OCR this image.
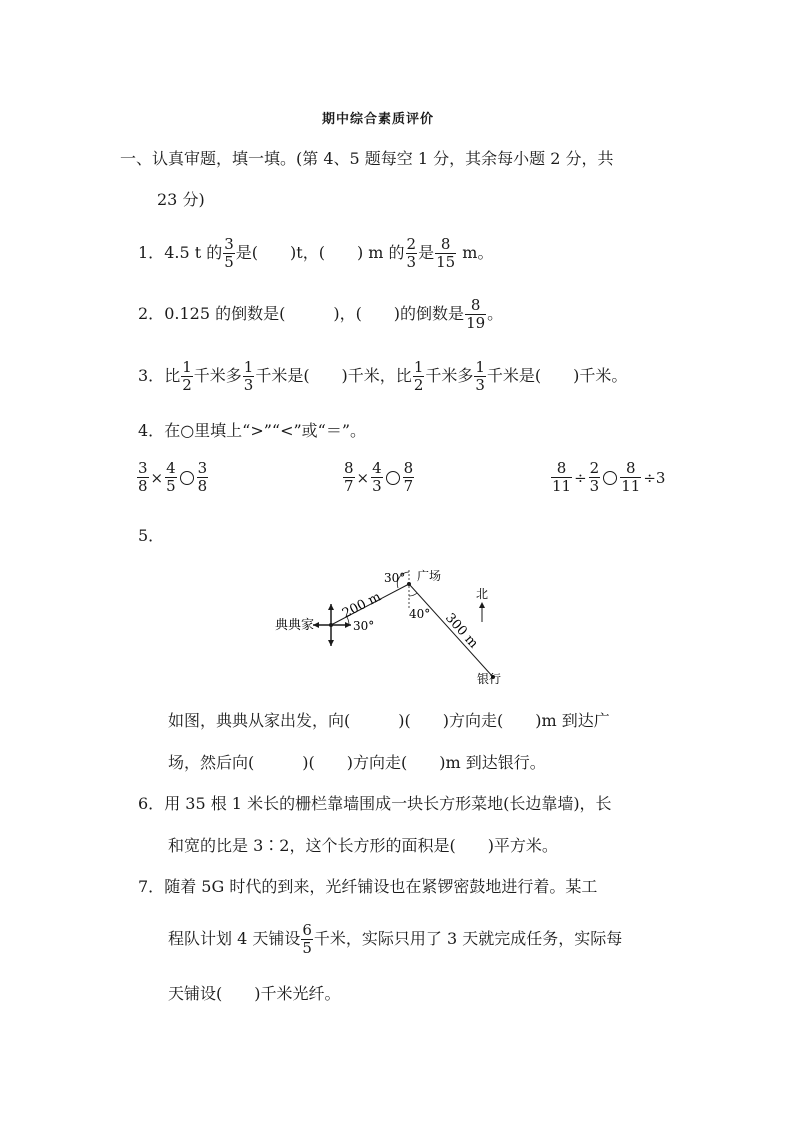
期中综合素质评价
一、认真审题，填一填。(第 4、5 题每空 1 分，其余每小题 2 分，共
23 分)
1．4.5 t 的 $\frac{3}{5}$ 是(　　)t，(　　) m 的 $\frac{2}{3}$ 是 $\frac{8}{15}$ m。
2．0.125 的倒数是(　　　)，(　　)的倒数是 $\frac{8}{19}$ 。
3．比 $\frac{1}{2}$ 千米多 $\frac{1}{3}$ 千米是(　　)千米，比 $\frac{1}{2}$ 千米多 $\frac{1}{3}$ 千米是(　　)千米。
4．在○里填上“>”“<”或“＝”。
$\frac{3}{8} \times \frac{4}{5} \frac{3}{8}$	$\frac{8}{7} \times \frac{4}{3} \frac{8}{7}$	$\frac{8}{11} \div \frac{2}{3} \frac{8}{11} \div 3$
5．
典典家
广场
银行
北
30°
40°
30°
200 m
300 m
如图，典典从家出发，向(　　　)(　　)方向走(　　)m 到达广
场，然后向(　　　)(　　)方向走(　　)m 到达银行。
6．用 35 根 1 米长的栅栏靠墙围成一块长方形菜地(长边靠墙)，长
和宽的比是 3∶2，这个长方形的面积是(　　)平方米。
7．随着 5G 时代的到来，光纤铺设也在紧锣密鼓地进行着。某工
程队计划 4 天铺设 $\frac{6}{5}$ 千米，实际只用了 3 天就完成任务，实际每
天铺设(　　)千米光纤。
